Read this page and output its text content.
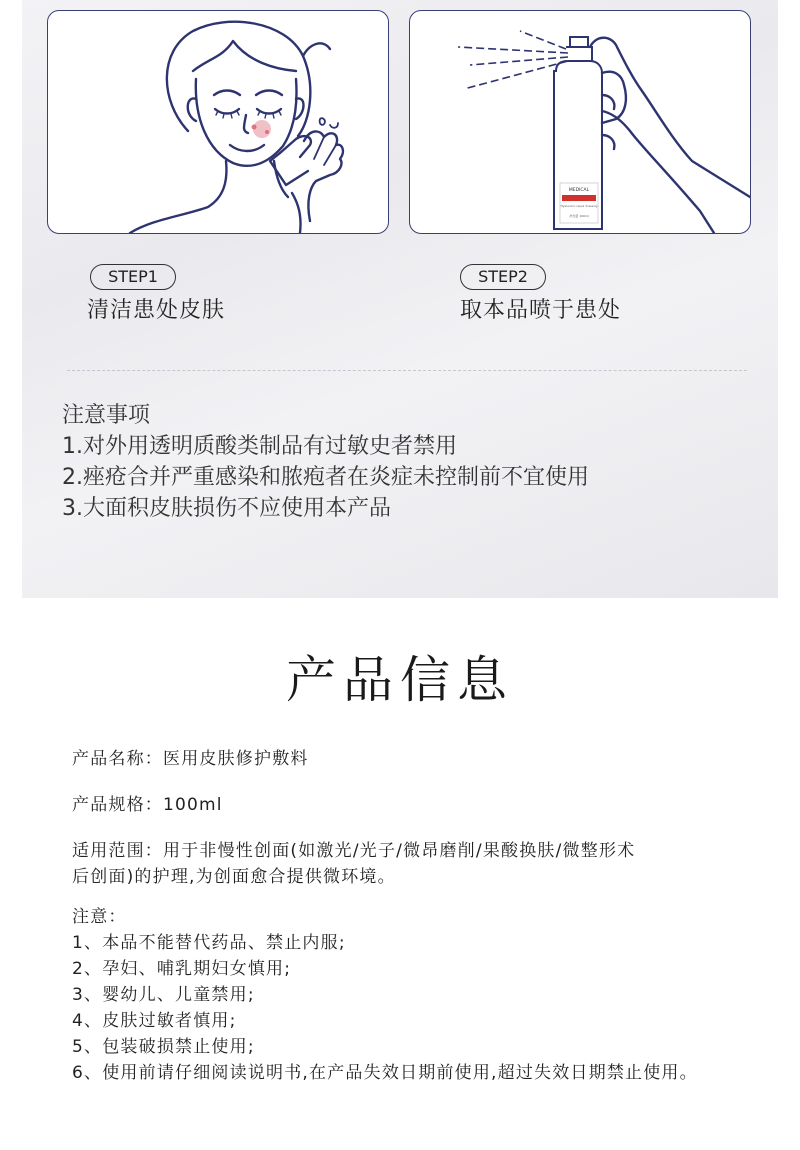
MEDICAL
Hyaluronic repair dressing
净含量 100ml
STEP1
清洁患处皮肤
STEP2
取本品喷于患处
注意事项
1.对外用透明质酸类制品有过敏史者禁用
2.痤疮合并严重感染和脓疱者在炎症未控制前不宜使用
3.大面积皮肤损伤不应使用本产品
产品信息
产品名称：医用皮肤修护敷料
产品规格：100ml
适用范围：用于非慢性创面(如激光/光子/微昂磨削/果酸换肤/微整形术
后创面)的护理,为创面愈合提供微环境。
注意：
1、本品不能替代药品、禁止内服;
2、孕妇、哺乳期妇女慎用;
3、婴幼儿、儿童禁用;
4、皮肤过敏者慎用;
5、包装破损禁止使用;
6、使用前请仔细阅读说明书,在产品失效日期前使用,超过失效日期禁止使用。
